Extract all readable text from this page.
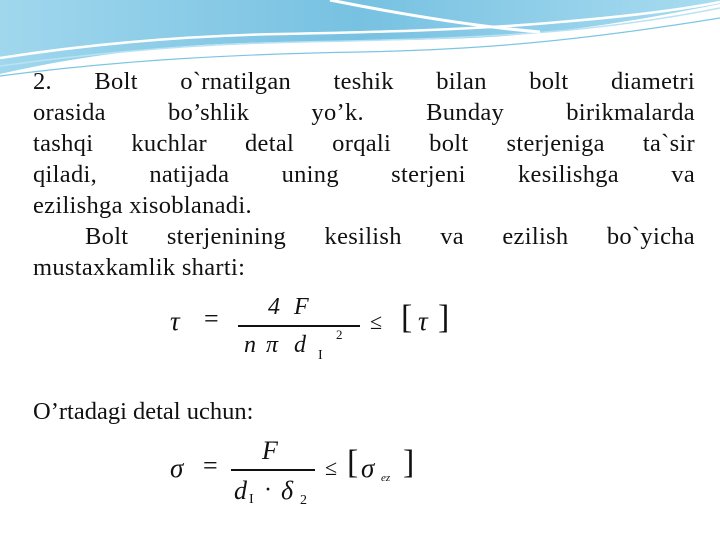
2. Bolt o`rnatilgan teshik bilan bolt diametri
orasida bo’shlik yo’k. Bunday birikmalarda
tashqi kuchlar detal orqali bolt sterjeniga ta`sir
qiladi, natijada uning sterjeni kesilishga va
ezilishga xisoblanadi.

Bolt sterjenining kesilish va ezilish bo`yicha
mustaxkamlik sharti:

τ = 4 F
n π d I
2
≤ [ τ ]

O’rtadagi detal uchun:

σ =
F
d I · δ 2
≤ [ σ ez ]
